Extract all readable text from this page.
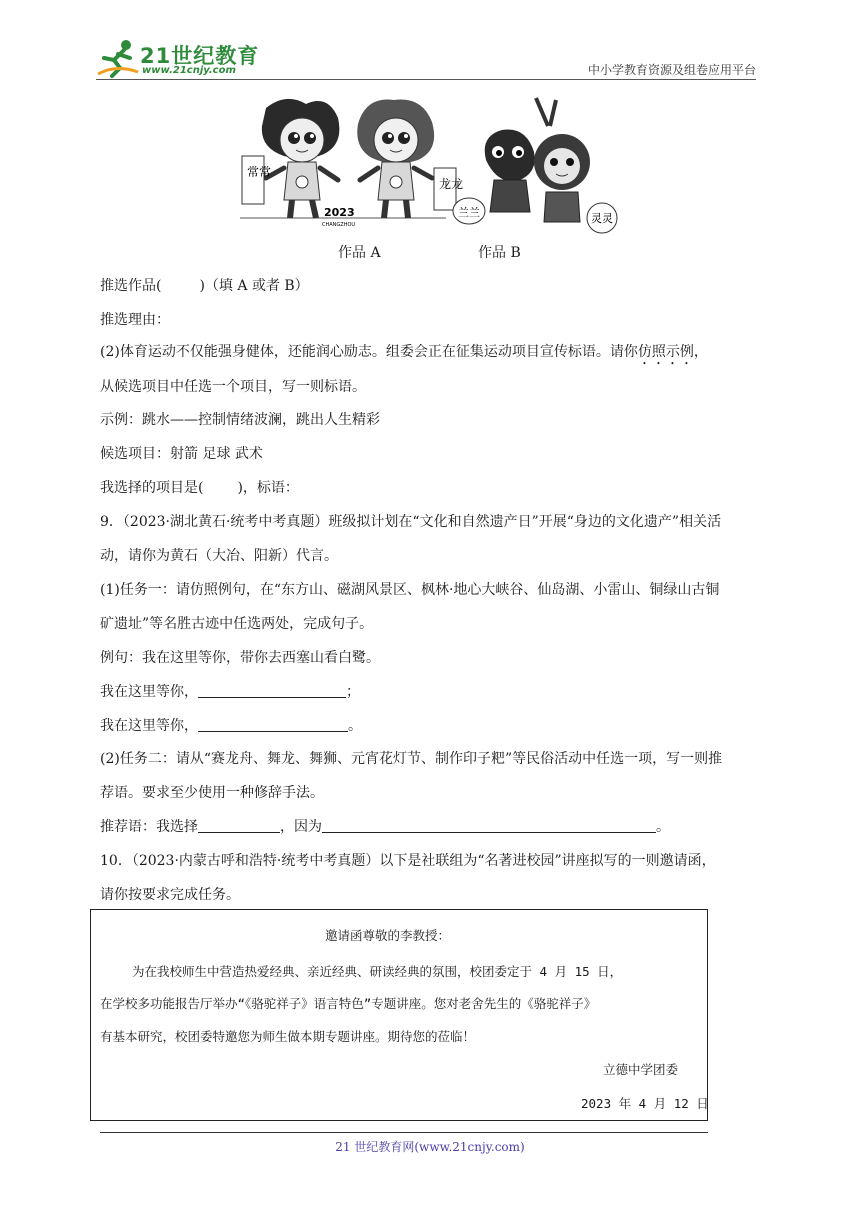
21世纪教育
www.21cnjy.com	中小学教育资源及组卷应用平台
常常
龙龙
2023
CHANGZHOU
兰兰	灵灵
作品 A	作品 B
推选作品(	)（填 A 或者 B）
推选理由：
(2)体育运动不仅能强身健体，还能润心励志。组委会正在征集运动项目宣传标语。请你仿照示例，
从候选项目中任选一个项目，写一则标语。
示例：跳水——控制情绪波澜，跳出人生精彩
候选项目：射箭 足球 武术
我选择的项目是( )，标语：
9．（2023·湖北黄石·统考中考真题）班级拟计划在“文化和自然遗产日”开展“身边的文化遗产”相关活
动，请你为黄石（大冶、阳新）代言。
(1)任务一：请仿照例句，在“东方山、磁湖风景区、枫林·地心大峡谷、仙岛湖、小雷山、铜绿山古铜
矿遗址”等名胜古迹中任选两处，完成句子。
例句：我在这里等你，带你去西塞山看白鹭。
我在这里等你，	；
我在这里等你，	。
(2)任务二：请从“赛龙舟、舞龙、舞狮、元宵花灯节、制作印子粑”等民俗活动中任选一项，写一则推
荐语。要求至少使用一种修辞手法。
推荐语：我选择	，因为	。
10．（2023·内蒙古呼和浩特·统考中考真题）以下是社联组为“名著进校园”讲座拟写的一则邀请函，
请你按要求完成任务。
邀请函尊敬的李教授：
为在我校师生中营造热爱经典、亲近经典、研读经典的氛围，校团委定于 4 月 15 日，
在学校多功能报告厅举办“《骆驼祥子》语言特色”专题讲座。您对老舍先生的《骆驼祥子》
有基本研究，校团委特邀您为师生做本期专题讲座。期待您的莅临！
立德中学团委
2023 年 4 月 12 日
21 世纪教育网(www.21cnjy.com)
